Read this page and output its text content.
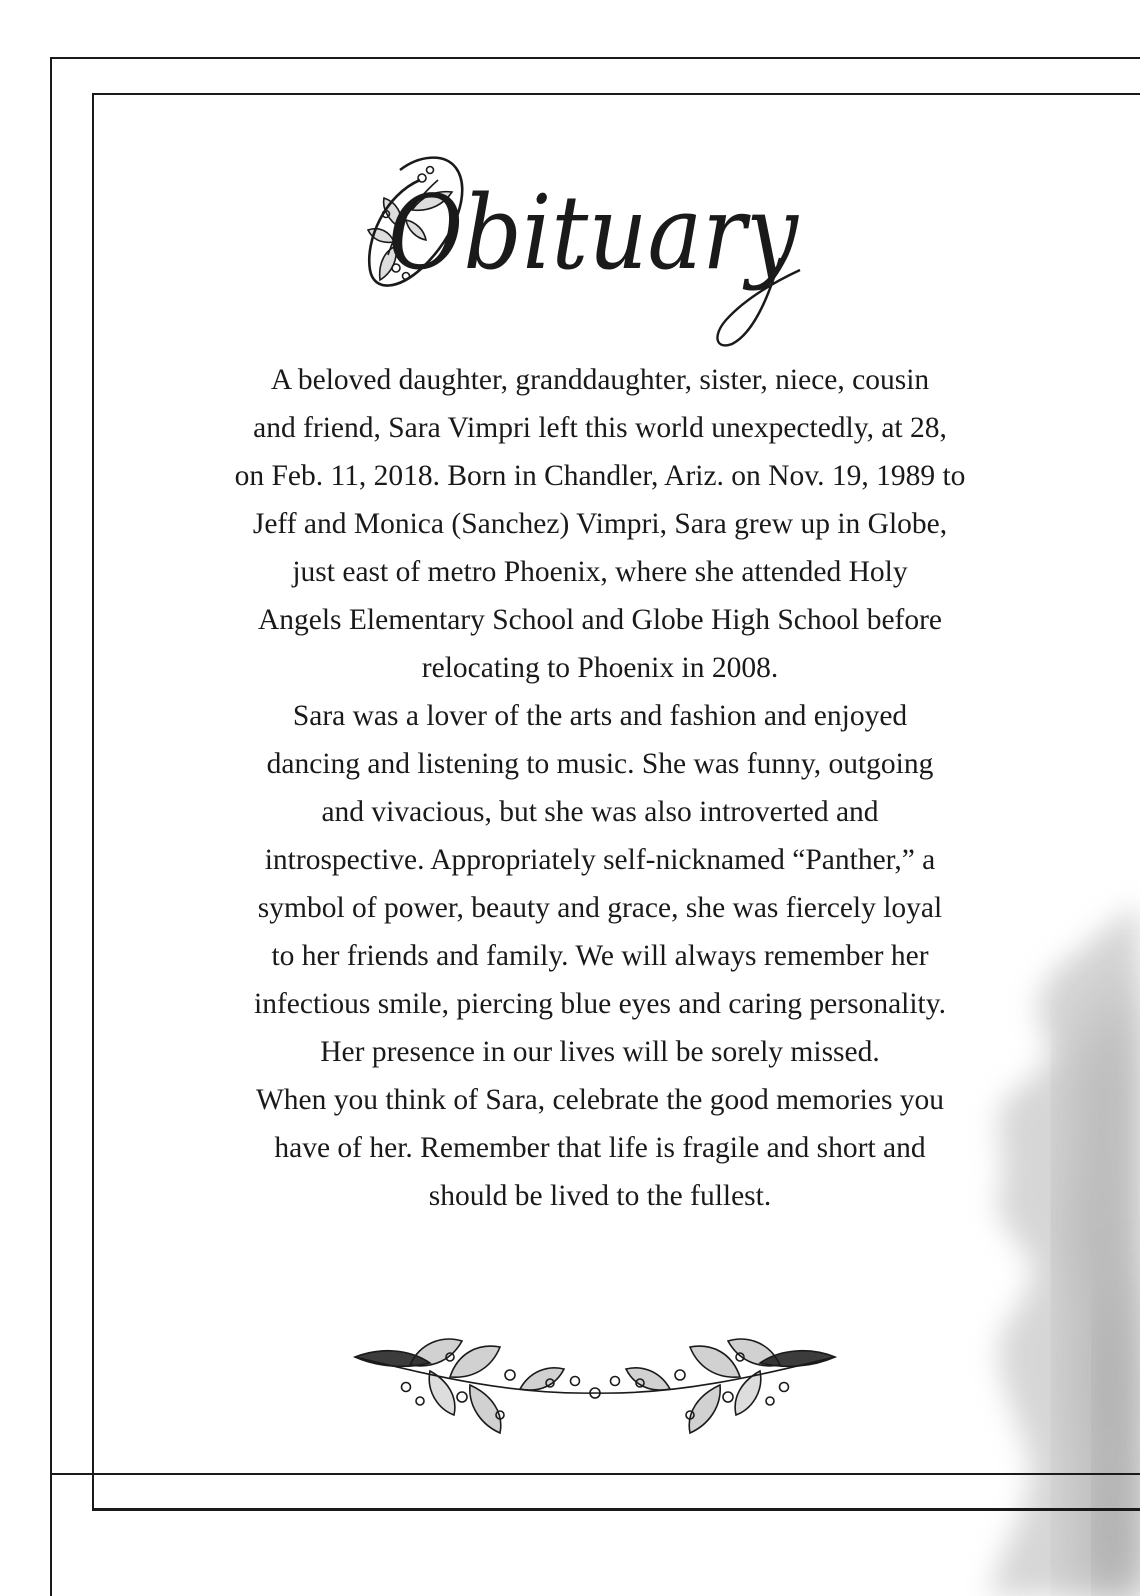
Obituary

A beloved daughter, granddaughter, sister, niece, cousin
and friend, Sara Vimpri left this world unexpectedly, at 28,
on Feb. 11, 2018. Born in Chandler, Ariz. on Nov. 19, 1989 to
Jeff and Monica (Sanchez) Vimpri, Sara grew up in Globe,
just east of metro Phoenix, where she attended Holy
Angels Elementary School and Globe High School before
relocating to Phoenix in 2008.
Sara was a lover of the arts and fashion and enjoyed
dancing and listening to music. She was funny, outgoing
and vivacious, but she was also introverted and
introspective. Appropriately self-nicknamed “Panther,” a
symbol of power, beauty and grace, she was fiercely loyal
to her friends and family. We will always remember her
infectious smile, piercing blue eyes and caring personality.
Her presence in our lives will be sorely missed.
When you think of Sara, celebrate the good memories you
have of her. Remember that life is fragile and short and
should be lived to the fullest.
